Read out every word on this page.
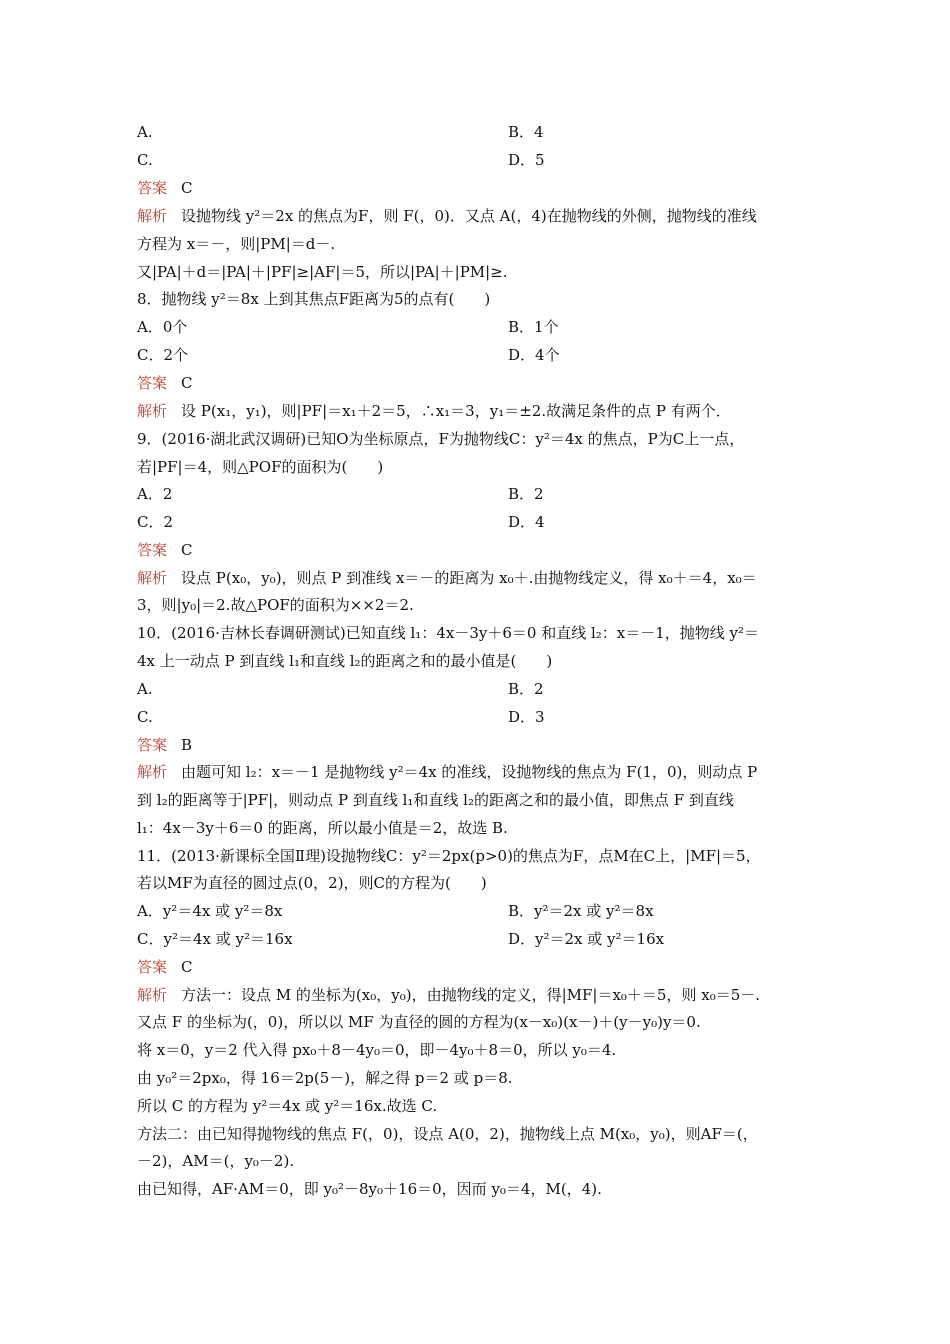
A.	B．4
C.	D．5
答案 C
解析 设抛物线 y²＝2x 的焦点为F，则 F(，0)．又点 A(，4)在抛物线的外侧，抛物线的准线
方程为 x＝－，则|PM|＝d－.
又|PA|＋d＝|PA|＋|PF|≥|AF|＝5，所以|PA|＋|PM|≥.
8．抛物线 y²＝8x 上到其焦点F距离为5的点有(　　)
A．0个	B．1个
C．2个	D．4个
答案 C
解析 设 P(x₁，y₁)，则|PF|＝x₁＋2＝5，∴x₁＝3，y₁＝±2.故满足条件的点 P 有两个．
9．(2016·湖北武汉调研)已知O为坐标原点，F为抛物线C：y²＝4x 的焦点，P为C上一点，
若|PF|＝4，则△POF的面积为(　　)
A．2	B．2
C．2	D．4
答案 C
解析 设点 P(x₀，y₀)，则点 P 到准线 x＝－的距离为 x₀＋.由抛物线定义，得 x₀＋＝4，x₀＝
3，则|y₀|＝2.故△POF的面积为××2＝2.
10．(2016·吉林长春调研测试)已知直线 l₁：4x－3y＋6＝0 和直线 l₂：x＝－1，抛物线 y²＝
4x 上一动点 P 到直线 l₁和直线 l₂的距离之和的最小值是(　　)
A.	B．2
C.	D．3
答案 B
解析 由题可知 l₂：x＝－1 是抛物线 y²＝4x 的准线，设抛物线的焦点为 F(1，0)，则动点 P
到 l₂的距离等于|PF|，则动点 P 到直线 l₁和直线 l₂的距离之和的最小值，即焦点 F 到直线
l₁：4x－3y＋6＝0 的距离，所以最小值是＝2，故选 B.
11．(2013·新课标全国Ⅱ理)设抛物线C：y²＝2px(p>0)的焦点为F，点M在C上，|MF|＝5，
若以MF为直径的圆过点(0，2)，则C的方程为(　　)
A．y²＝4x 或 y²＝8x	B．y²＝2x 或 y²＝8x
C．y²＝4x 或 y²＝16x	D．y²＝2x 或 y²＝16x
答案 C
解析 方法一：设点 M 的坐标为(x₀，y₀)，由抛物线的定义，得|MF|＝x₀＋＝5，则 x₀＝5－.
又点 F 的坐标为(，0)，所以以 MF 为直径的圆的方程为(x－x₀)(x－)＋(y－y₀)y＝0.
将 x＝0，y＝2 代入得 px₀＋8－4y₀＝0，即－4y₀＋8＝0，所以 y₀＝4.
由 y₀²＝2px₀，得 16＝2p(5－)，解之得 p＝2 或 p＝8.
所以 C 的方程为 y²＝4x 或 y²＝16x.故选 C.
方法二：由已知得抛物线的焦点 F(，0)，设点 A(0，2)，抛物线上点 M(x₀，y₀)，则AF＝(，
－2)，AM＝(，y₀－2).
由已知得，AF·AM＝0，即 y₀²－8y₀＋16＝0，因而 y₀＝4，M(，4).
